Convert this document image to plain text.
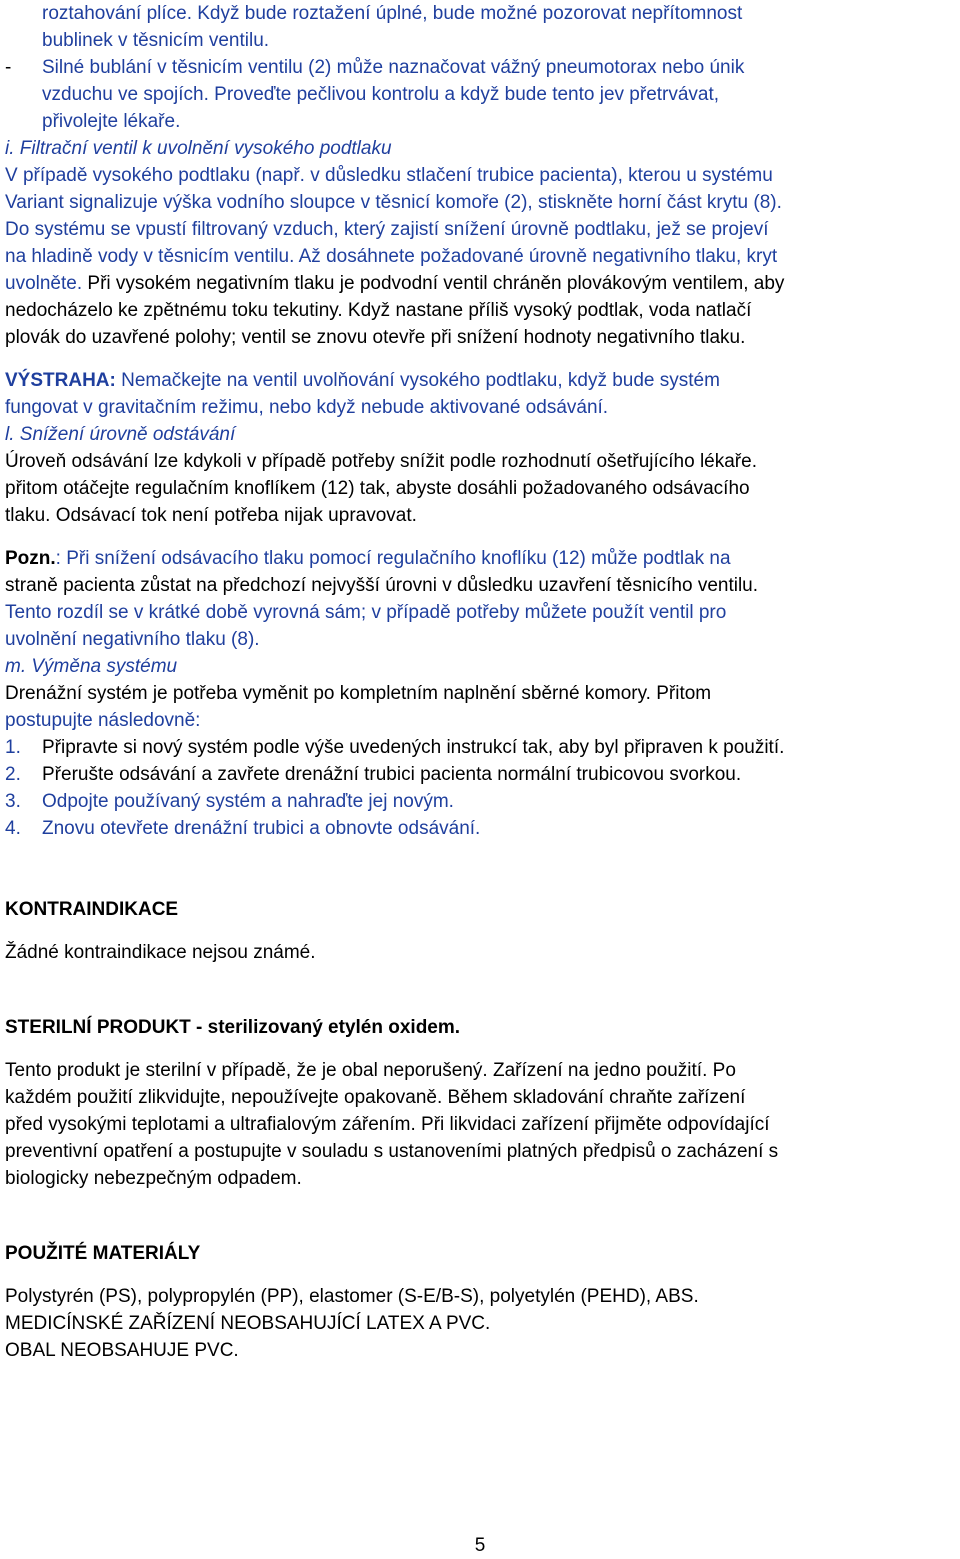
roztahování plíce. Když bude roztažení úplné, bude možné pozorovat nepřítomnost

bublinek v těsnicím ventilu.

-	Silné bublání v těsnicím ventilu (2) může naznačovat vážný pneumotorax nebo únik

vzduchu ve spojích. Proveďte pečlivou kontrolu a když bude tento jev přetrvávat,

přivolejte lékaře.

i. Filtrační ventil k uvolnění vysokého podtlaku

V případě vysokého podtlaku (např. v důsledku stlačení trubice pacienta), kterou u systému

Variant signalizuje výška vodního sloupce v těsnicí komoře (2), stiskněte horní část krytu (8).

Do systému se vpustí filtrovaný vzduch, který zajistí snížení úrovně podtlaku, jež se projeví

na hladině vody v těsnicím ventilu. Až dosáhnete požadované úrovně negativního tlaku, kryt

uvolněte. Při vysokém negativním tlaku je podvodní ventil chráněn plovákovým ventilem, aby

nedocházelo ke zpětnému toku tekutiny. Když nastane příliš vysoký podtlak, voda natlačí

plovák do uzavřené polohy; ventil se znovu otevře při snížení hodnoty negativního tlaku.

VÝSTRAHA: Nemačkejte na ventil uvolňování vysokého podtlaku, když bude systém

fungovat v gravitačním režimu, nebo když nebude aktivované odsávání.

l. Snížení úrovně odstávání

Úroveň odsávání lze kdykoli v případě potřeby snížit podle rozhodnutí ošetřujícího lékaře.

přitom otáčejte regulačním knoflíkem (12) tak, abyste dosáhli požadovaného odsávacího

tlaku. Odsávací tok není potřeba nijak upravovat.

Pozn.: Při snížení odsávacího tlaku pomocí regulačního knoflíku (12) může podtlak na

straně pacienta zůstat na předchozí nejvyšší úrovni v důsledku uzavření těsnicího ventilu.

Tento rozdíl se v krátké době vyrovná sám; v případě potřeby můžete použít ventil pro

uvolnění negativního tlaku (8).

m. Výměna systému

Drenážní systém je potřeba vyměnit po kompletním naplnění sběrné komory. Přitom

postupujte následovně:

1.	Připravte si nový systém podle výše uvedených instrukcí tak, aby byl připraven k použití.

2.	Přerušte odsávání a zavřete drenážní trubici pacienta normální trubicovou svorkou.

3.	Odpojte používaný systém a nahraďte jej novým.

4.	Znovu otevřete drenážní trubici a obnovte odsávání.

KONTRAINDIKACE

Žádné kontraindikace nejsou známé.

STERILNÍ PRODUKT - sterilizovaný etylén oxidem.

Tento produkt je sterilní v případě, že je obal neporušený. Zařízení na jedno použití. Po

každém použití zlikvidujte, nepoužívejte opakovaně. Během skladování chraňte zařízení

před vysokými teplotami a ultrafialovým zářením. Při likvidaci zařízení přijměte odpovídající

preventivní opatření a postupujte v souladu s ustanoveními platných předpisů o zacházení s

biologicky nebezpečným odpadem.

POUŽITÉ MATERIÁLY

Polystyrén (PS), polypropylén (PP), elastomer (S-E/B-S), polyetylén (PEHD), ABS.

MEDICÍNSKÉ ZAŘÍZENÍ NEOBSAHUJÍCÍ LATEX A PVC.

OBAL NEOBSAHUJE PVC.

5
